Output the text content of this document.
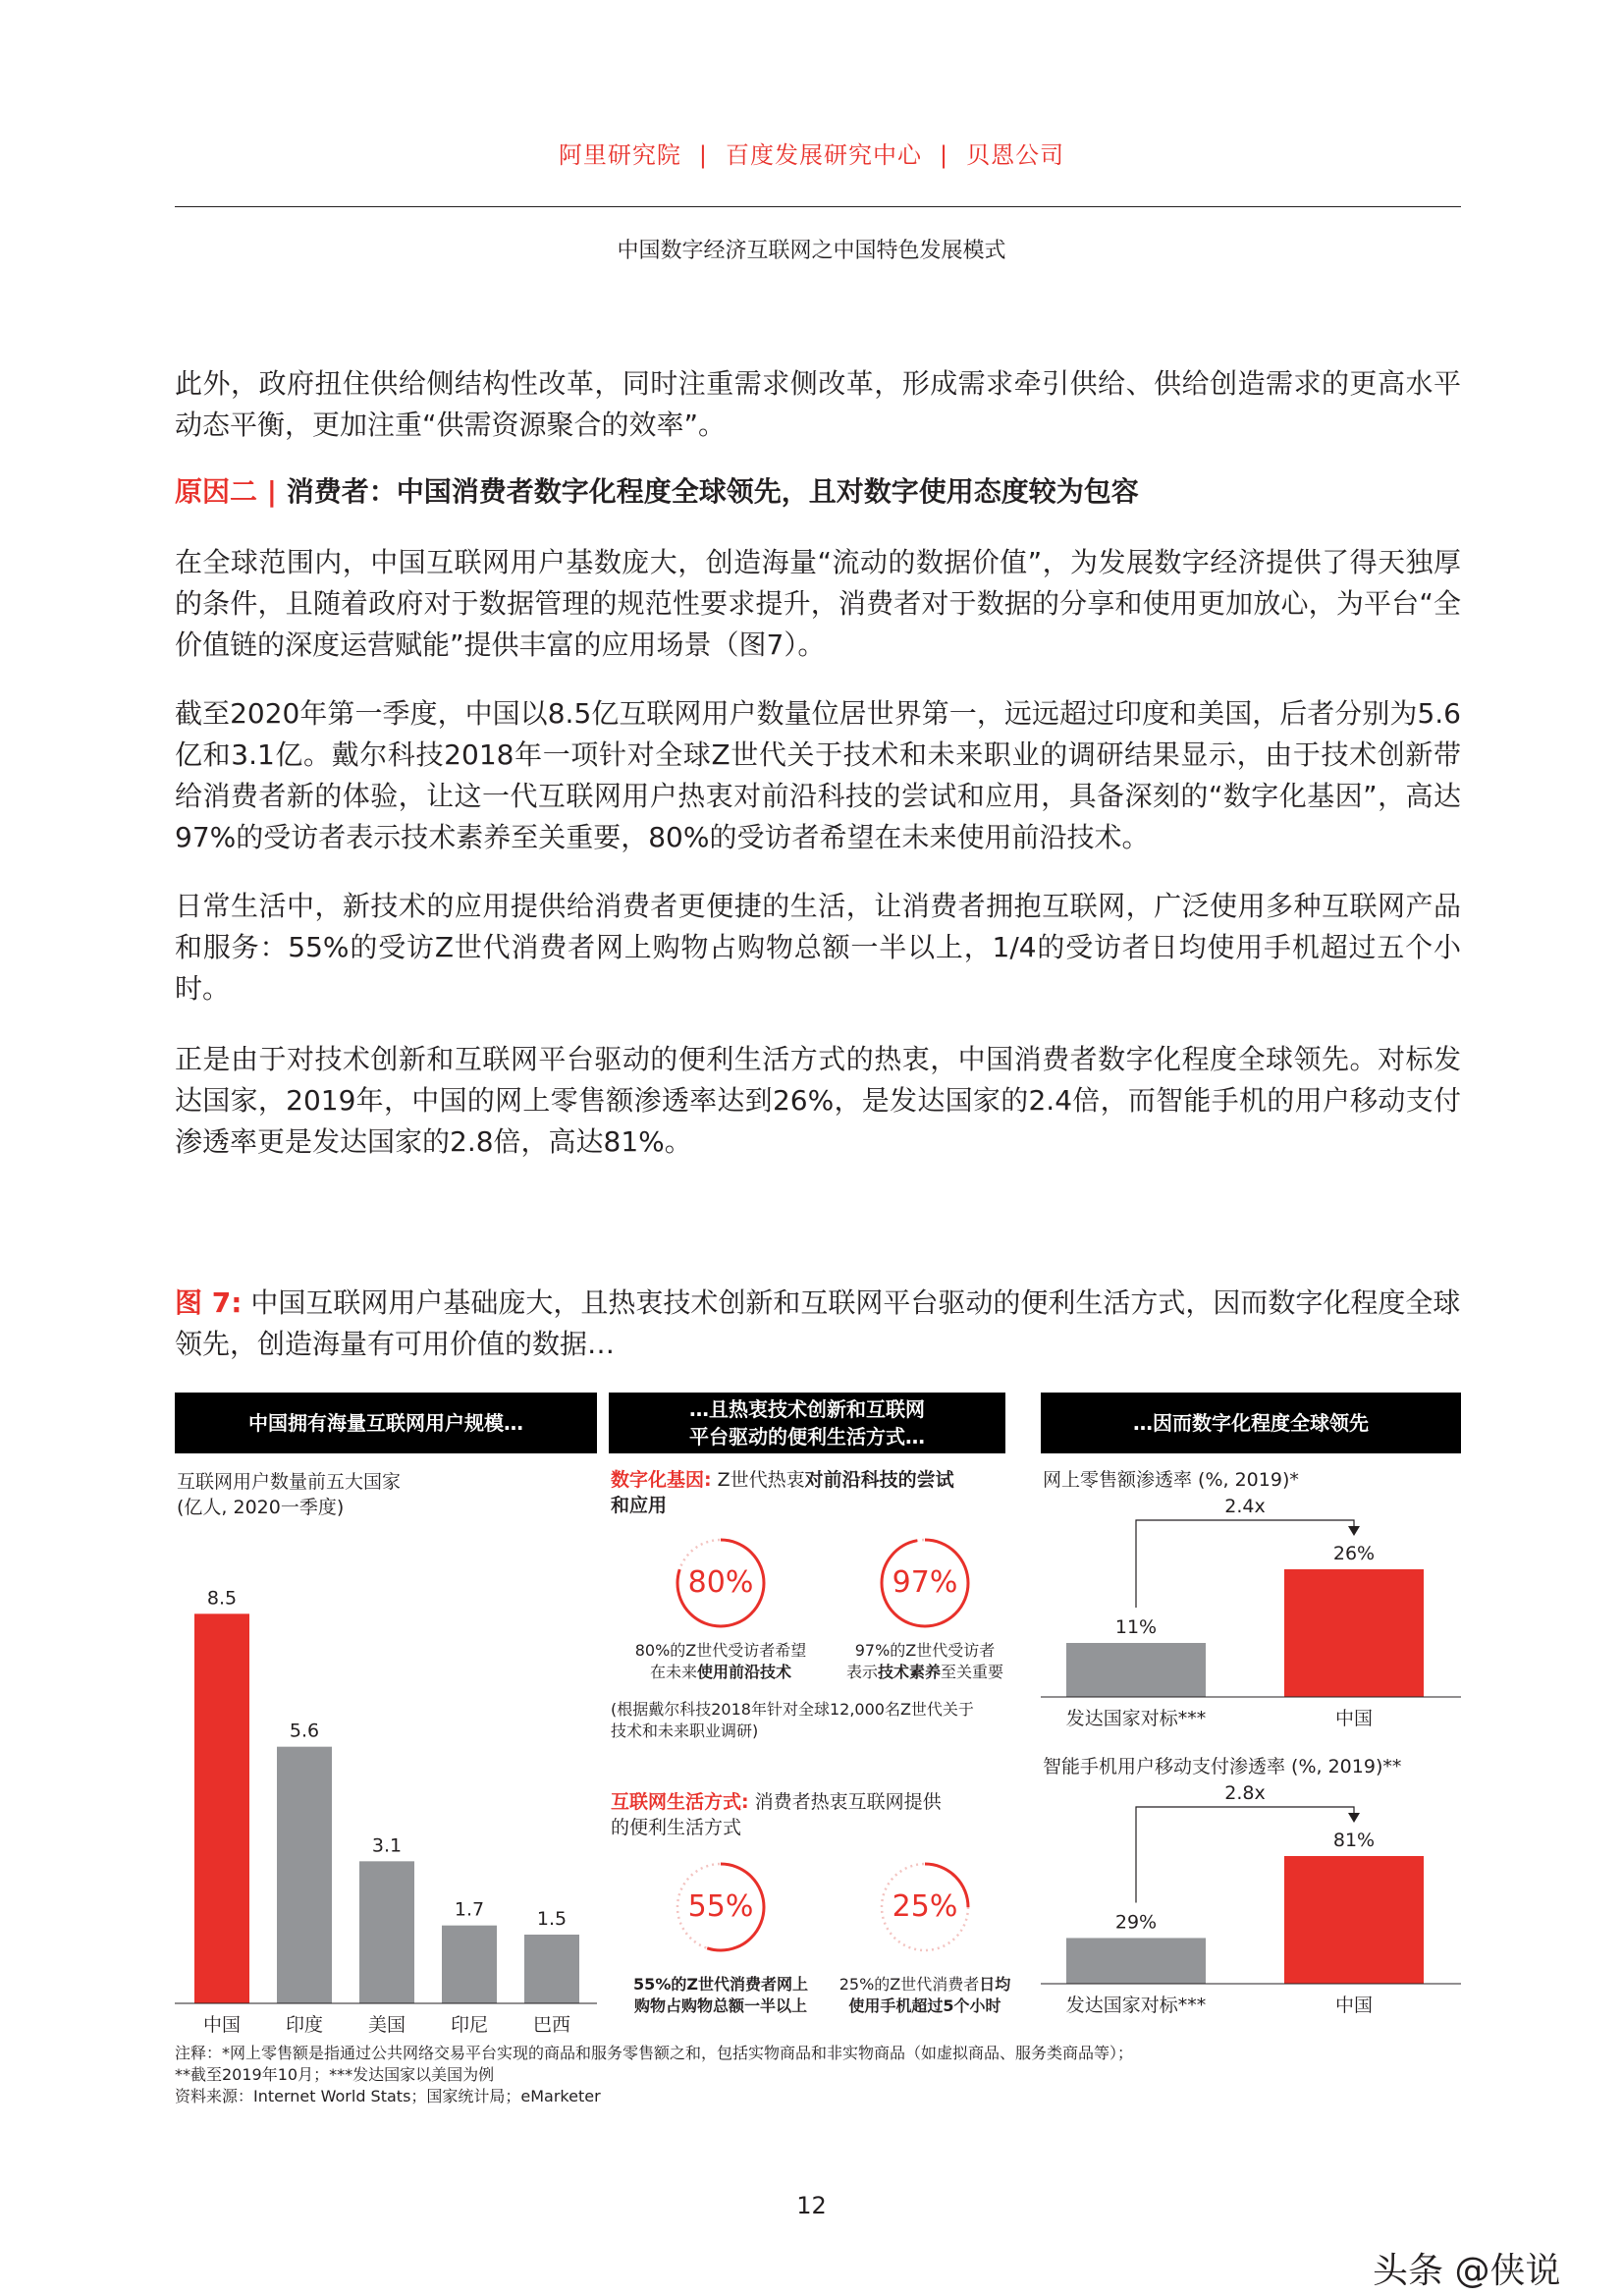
阿里研究院 | 百度发展研究中心 | 贝恩公司
中国数字经济互联网之中国特色发展模式
此外，政府扭住供给侧结构性改革，同时注重需求侧改革，形成需求牵引供给、供给创造需求的更高水平动态平衡，更加注重“供需资源聚合的效率”。
原因二 | 消费者：中国消费者数字化程度全球领先，且对数字使用态度较为包容
在全球范围内，中国互联网用户基数庞大，创造海量“流动的数据价值”，为发展数字经济提供了得天独厚的条件，且随着政府对于数据管理的规范性要求提升，消费者对于数据的分享和使用更加放心，为平台“全价值链的深度运营赋能”提供丰富的应用场景（图7）。
截至2020年第一季度，中国以8.5亿互联网用户数量位居世界第一，远远超过印度和美国，后者分别为5.6亿和3.1亿。戴尔科技2018年一项针对全球Z世代关于技术和未来职业的调研结果显示，由于技术创新带给消费者新的体验，让这一代互联网用户热衷对前沿科技的尝试和应用，具备深刻的“数字化基因”，高达97%的受访者表示技术素养至关重要，80%的受访者希望在未来使用前沿技术。
日常生活中，新技术的应用提供给消费者更便捷的生活，让消费者拥抱互联网，广泛使用多种互联网产品和服务：55%的受访Z世代消费者网上购物占购物总额一半以上，1/4的受访者日均使用手机超过五个小时。
正是由于对技术创新和互联网平台驱动的便利生活方式的热衷，中国消费者数字化程度全球领先。对标发达国家，2019年，中国的网上零售额渗透率达到26%，是发达国家的2.4倍，而智能手机的用户移动支付渗透率更是发达国家的2.8倍，高达81%。
图 7: 中国互联网用户基础庞大，且热衷技术创新和互联网平台驱动的便利生活方式，因而数字化程度全球领先，创造海量有可用价值的数据…
中国拥有海量互联网用户规模…
互联网用户数量前五大国家
(亿人, 2020一季度)
8.5
中国
5.6
印度
3.1
美国
1.7
印尼
1.5
巴西
…且热衷技术创新和互联网
平台驱动的便利生活方式…
数字化基因: Z世代热衷对前沿科技的尝试
和应用
80%
80%的Z世代受访者希望
在未来使用前沿技术
97%
97%的Z世代受访者
表示技术素养至关重要
(根据戴尔科技2018年针对全球12,000名Z世代关于
技术和未来职业调研)
互联网生活方式: 消费者热衷互联网提供
的便利生活方式
55%
55%的Z世代消费者网上
购物占购物总额一半以上
25%
25%的Z世代消费者日均
使用手机超过5个小时
…因而数字化程度全球领先
网上零售额渗透率 (%, 2019)*
11%
发达国家对标***
26%
中国
2.4x
智能手机用户移动支付渗透率 (%, 2019)**
29%
发达国家对标***
81%
中国
2.8x
注释：*网上零售额是指通过公共网络交易平台实现的商品和服务零售额之和，包括实物商品和非实物商品（如虚拟商品、服务类商品等）；
**截至2019年10月；***发达国家以美国为例
资料来源：Internet World Stats；国家统计局；eMarketer
12
头条 @侠说
